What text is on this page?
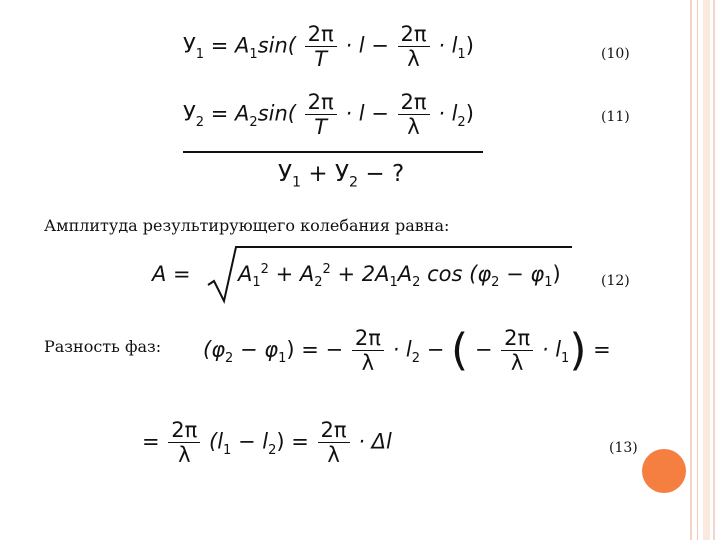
$У_1 = A_1\sin( \frac{2\pi}{T} \cdot l - \frac{2\pi}{\lambda} \cdot l_1)$	(10)
$У_2 = A_2\sin( \frac{2\pi}{T} \cdot l - \frac{2\pi}{\lambda} \cdot l_2)$	(11)
$У_1 + У_2$ − ?
Амплитуда результирующего колебания равна:
$A = A_1^2 + A_2^2 + 2A_1A_2$ $\cos (\varphi_2 - \varphi_1)$	(12)
Разность фаз: $(\varphi_2 - \varphi_1)$ = − $\frac{2\pi}{\lambda} \cdot l_2$ − ( − $\frac{2\pi}{\lambda} \cdot l_1$) =
= $\frac{2\pi}{\lambda} (l_1 - l_2) = \frac{2\pi}{\lambda} \cdot \Delta l$	(13)
